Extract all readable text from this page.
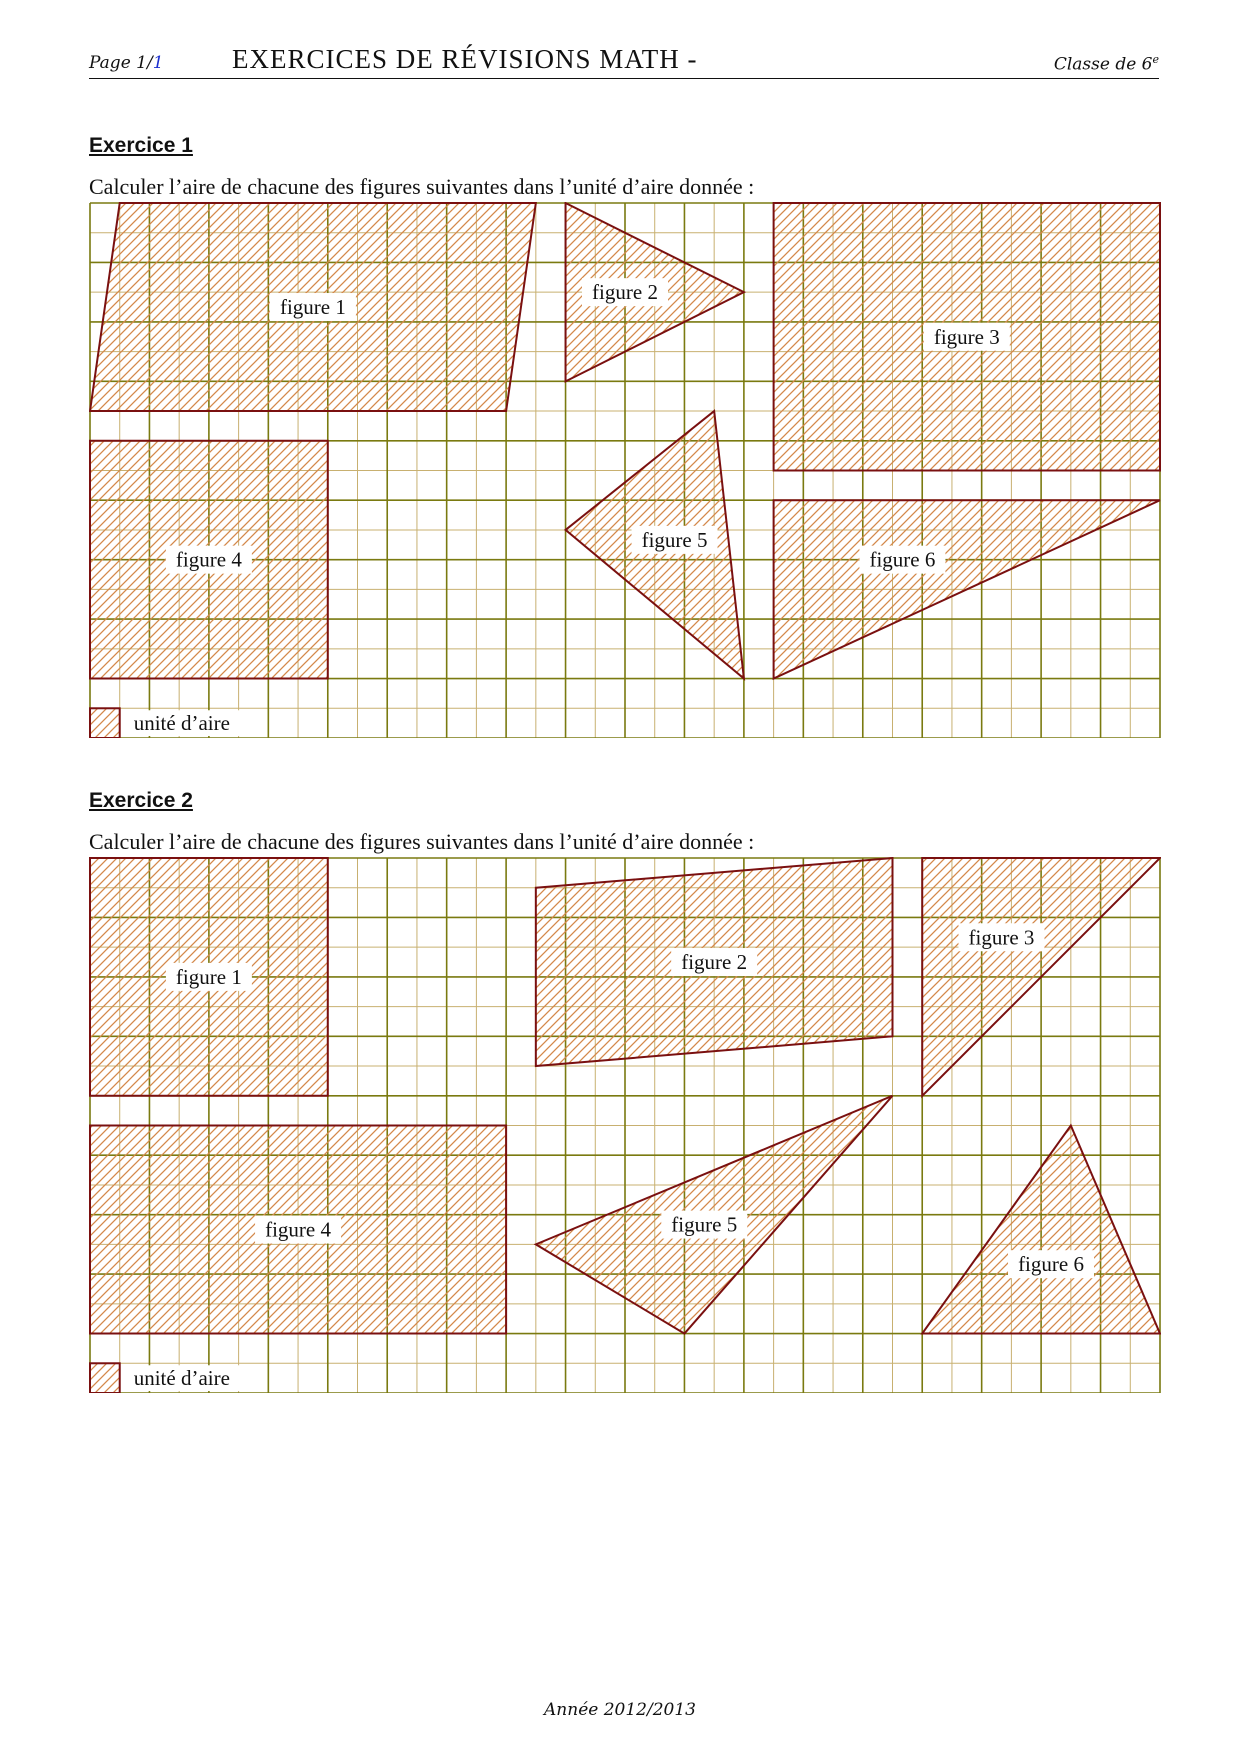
Page 1/1	EXERCICES DE RÉVISIONS MATH -	Classe de 6e
Exercice 1
Calculer l’aire de chacune des figures suivantes dans l’unité d’aire donnée :
figure 1
figure 2
figure 3
figure 4
figure 5
figure 6
unité d’aire
Exercice 2
Calculer l’aire de chacune des figures suivantes dans l’unité d’aire donnée :
figure 1
figure 2
figure 3
figure 4	figure 5
figure 6
unité d’aire
Année 2012/2013
